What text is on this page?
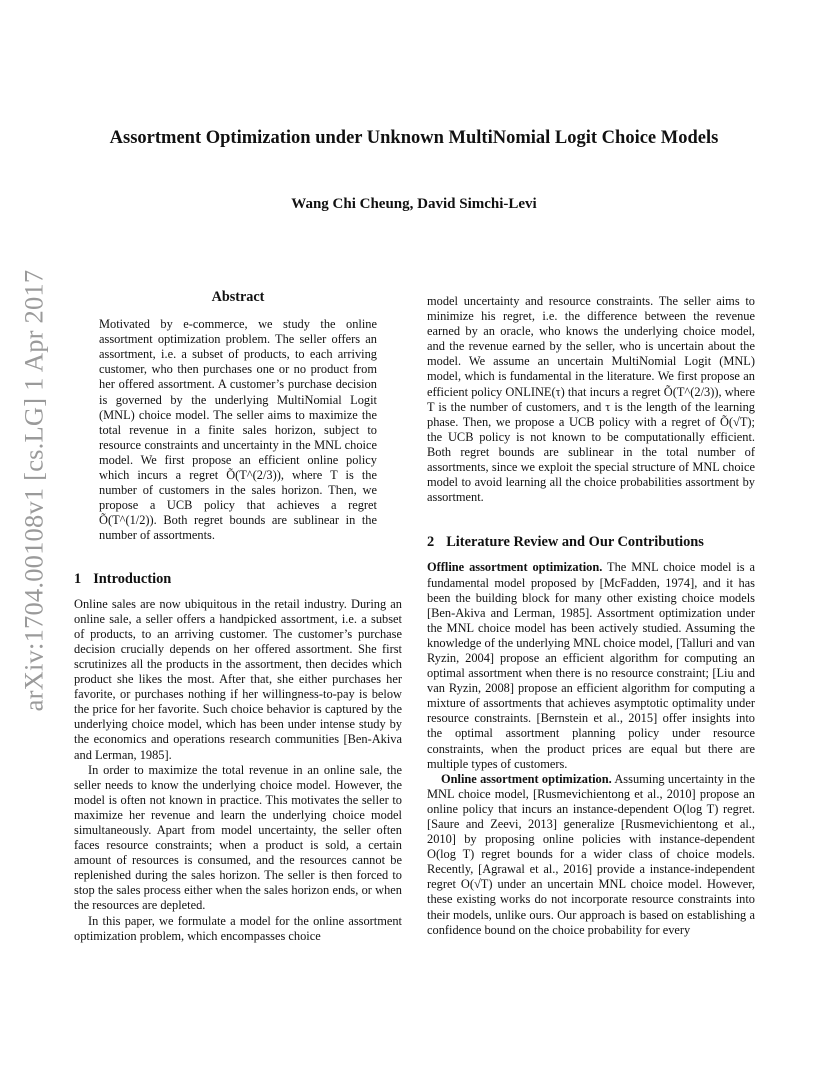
arXiv:1704.00108v1 [cs.LG] 1 Apr 2017
Assortment Optimization under Unknown MultiNomial Logit Choice Models
Wang Chi Cheung, David Simchi-Levi
Abstract

Motivated by e-commerce, we study the online assortment optimization problem. The seller offers an assortment, i.e. a subset of products, to each arriving customer, who then purchases one or no product from her offered assortment. A customer’s purchase decision is governed by the underlying MultiNomial Logit (MNL) choice model. The seller aims to maximize the total revenue in a finite sales horizon, subject to resource constraints and uncertainty in the MNL choice model. We first propose an efficient online policy which incurs a regret Õ(T^(2/3)), where T is the number of customers in the sales horizon. Then, we propose a UCB policy that achieves a regret Õ(T^(1/2)). Both regret bounds are sublinear in the number of assortments.

1 Introduction

Online sales are now ubiquitous in the retail industry. During an online sale, a seller offers a handpicked assortment, i.e. a subset of products, to an arriving customer. The customer’s purchase decision crucially depends on her offered assortment. She first scrutinizes all the products in the assortment, then decides which product she likes the most. After that, she either purchases her favorite, or purchases nothing if her willingness-to-pay is below the price for her favorite. Such choice behavior is captured by the underlying choice model, which has been under intense study by the economics and operations research communities [Ben-Akiva and Lerman, 1985].

In order to maximize the total revenue in an online sale, the seller needs to know the underlying choice model. However, the model is often not known in practice. This motivates the seller to maximize her revenue and learn the underlying choice model simultaneously. Apart from model uncertainty, the seller often faces resource constraints; when a product is sold, a certain amount of resources is consumed, and the resources cannot be replenished during the sales horizon. The seller is then forced to stop the sales process either when the sales horizon ends, or when the resources are depleted.

In this paper, we formulate a model for the online assortment optimization problem, which encompasses choice

model uncertainty and resource constraints. The seller aims to minimize his regret, i.e. the difference between the revenue earned by an oracle, who knows the underlying choice model, and the revenue earned by the seller, who is uncertain about the model. We assume an uncertain MultiNomial Logit (MNL) model, which is fundamental in the literature. We first propose an efficient policy ONLINE(τ) that incurs a regret Õ(T^(2/3)), where T is the number of customers, and τ is the length of the learning phase. Then, we propose a UCB policy with a regret of Õ(√T); the UCB policy is not known to be computationally efficient. Both regret bounds are sublinear in the total number of assortments, since we exploit the special structure of MNL choice model to avoid learning all the choice probabilities assortment by assortment.

2 Literature Review and Our Contributions

Offline assortment optimization. The MNL choice model is a fundamental model proposed by [McFadden, 1974], and it has been the building block for many other existing choice models [Ben-Akiva and Lerman, 1985]. Assortment optimization under the MNL choice model has been actively studied. Assuming the knowledge of the underlying MNL choice model, [Talluri and van Ryzin, 2004] propose an efficient algorithm for computing an optimal assortment when there is no resource constraint; [Liu and van Ryzin, 2008] propose an efficient algorithm for computing a mixture of assortments that achieves asymptotic optimality under resource constraints. [Bernstein et al., 2015] offer insights into the optimal assortment planning policy under resource constraints, when the product prices are equal but there are multiple types of customers.

Online assortment optimization. Assuming uncertainty in the MNL choice model, [Rusmevichientong et al., 2010] propose an online policy that incurs an instance-dependent O(log T) regret. [Saure and Zeevi, 2013] generalize [Rusmevichientong et al., 2010] by proposing online policies with instance-dependent O(log T) regret bounds for a wider class of choice models. Recently, [Agrawal et al., 2016] provide a instance-independent regret O(√T) under an uncertain MNL choice model. However, these existing works do not incorporate resource constraints into their models, unlike ours. Our approach is based on establishing a confidence bound on the choice probability for every
